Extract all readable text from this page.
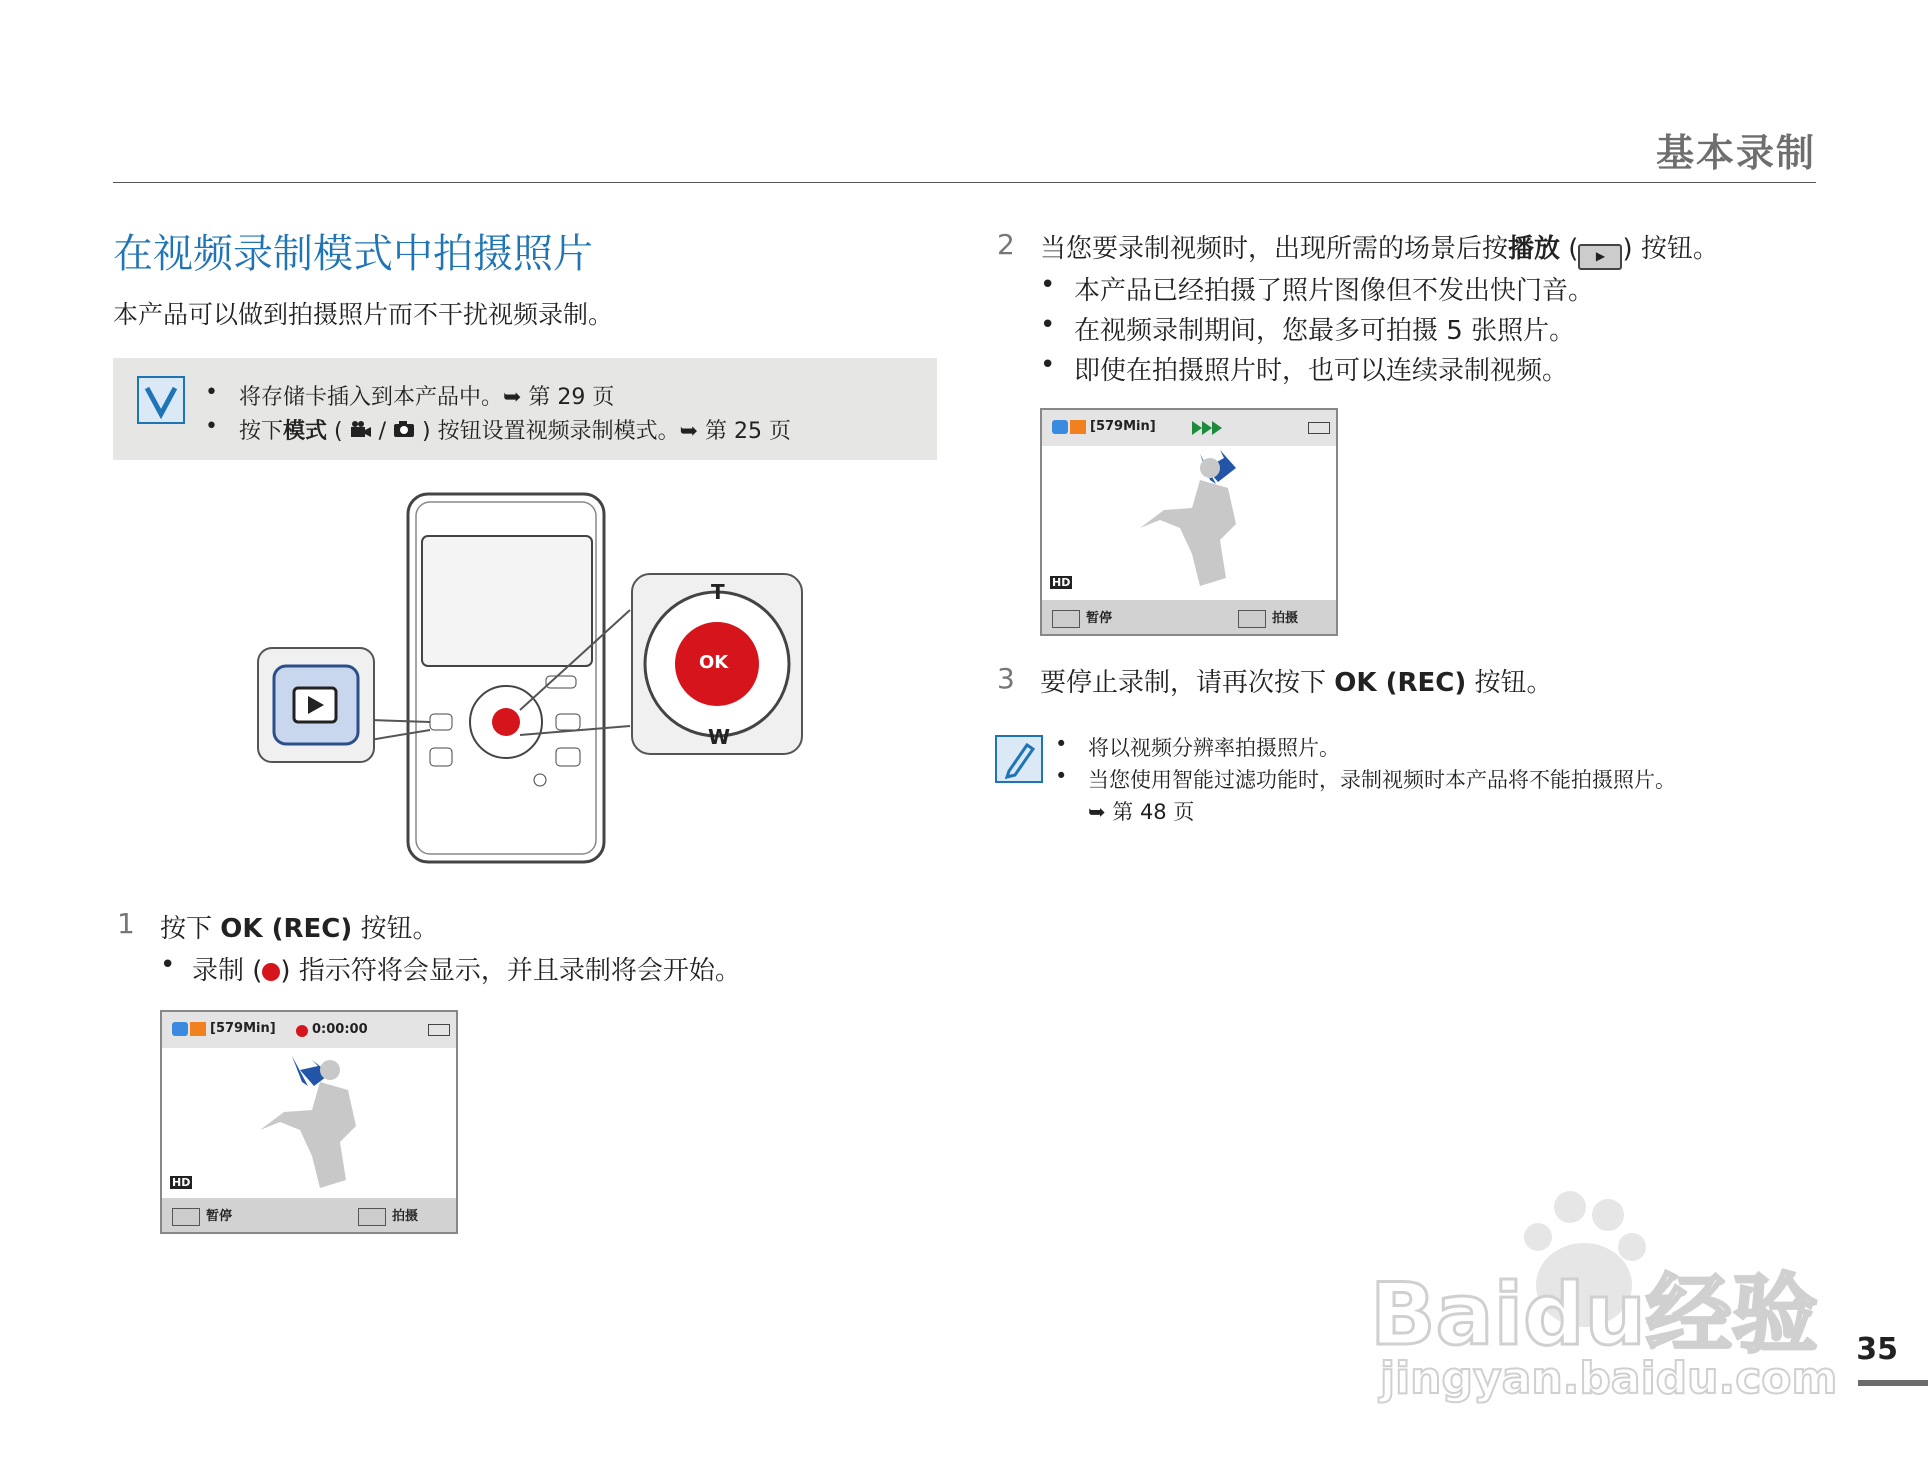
基本录制
在视频录制模式中拍摄照片
本产品可以做到拍摄照片而不干扰视频录制。
• 将存储卡插入到本产品中。➥ 第 29 页
• 按下模式 ( / ) 按钮设置视频录制模式。➥ 第 25 页
T
W
OK
1 按下 OK (REC) 按钮。
• 录制 ( ) 指示符将会显示，并且录制将会开始。
[579Min]	0:00:00
HD
暂停	拍摄
2 当您要录制视频时，出现所需的场景后按播放 ( ▶ ) 按钮。
• 本产品已经拍摄了照片图像但不发出快门音。
• 在视频录制期间，您最多可拍摄 5 张照片。
• 即使在拍摄照片时，也可以连续录制视频。
[579Min]
HD
暂停	拍摄
3 要停止录制，请再次按下 OK (REC) 按钮。
• 将以视频分辨率拍摄照片。
• 当您使用智能过滤功能时，录制视频时本产品将不能拍摄照片。
➥ 第 48 页
Baidu经验
jingyan.baidu.com
35
